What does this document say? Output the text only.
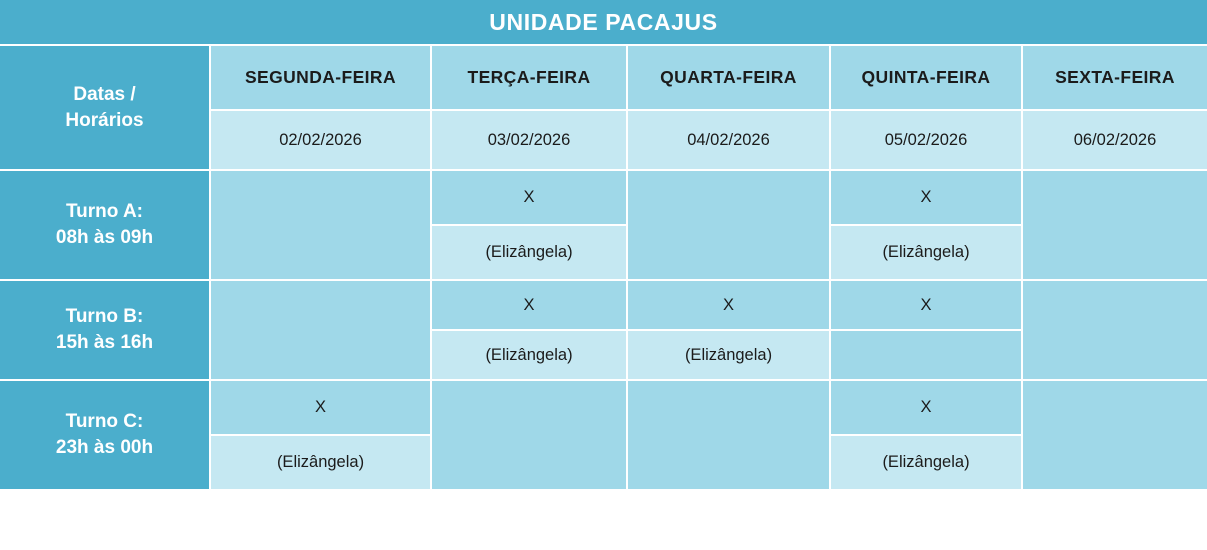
UNIDADE PACAJUS
Datas /
Horários
SEGUNDA-FEIRA
02/02/2026
TERÇA-FEIRA
03/02/2026
QUARTA-FEIRA
04/02/2026
QUINTA-FEIRA
05/02/2026
SEXTA-FEIRA
06/02/2026
Turno A:
08h às 09h
X
(Elizângela)
X
(Elizângela)
Turno B:
15h às 16h
X
(Elizângela)
X
(Elizângela)
X
Turno C:
23h às 00h
X
(Elizângela)
X
(Elizângela)
